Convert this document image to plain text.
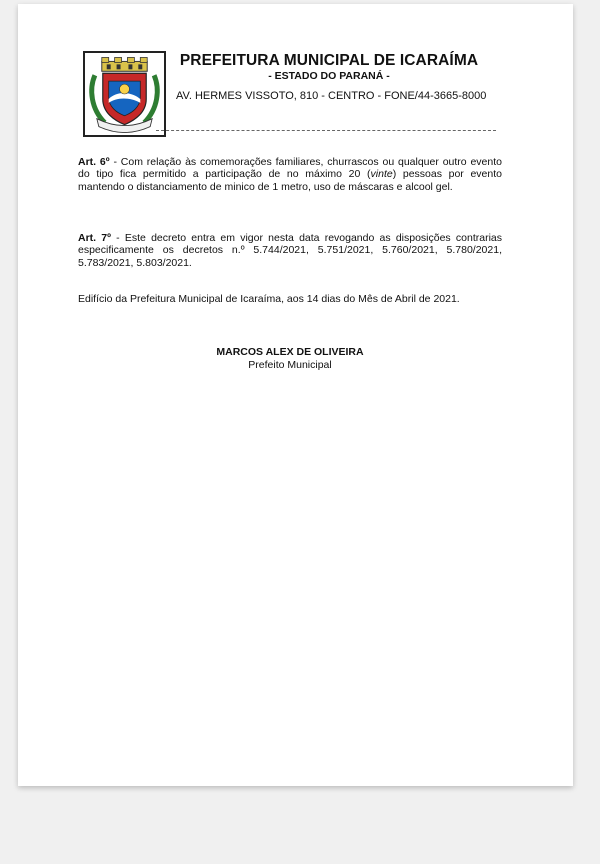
PREFEITURA MUNICIPAL DE ICARAÍMA
- ESTADO DO PARANÁ -
AV. HERMES VISSOTO, 810 - CENTRO - FONE/44-3665-8000

Art. 6º - Com relação às comemorações familiares, churrascos ou qualquer outro evento do tipo fica permitido a participação de no máximo 20 (vinte) pessoas por evento mantendo o distanciamento de minico de 1 metro, uso de máscaras e alcool gel.

Art. 7º - Este decreto entra em vigor nesta data revogando as disposições contrarias especificamente os decretos n.º 5.744/2021, 5.751/2021, 5.760/2021, 5.780/2021, 5.783/2021, 5.803/2021.

Edifício da Prefeitura Municipal de Icaraíma, aos 14 dias do Mês de Abril de 2021.
MARCOS ALEX DE OLIVEIRA
Prefeito Municipal
